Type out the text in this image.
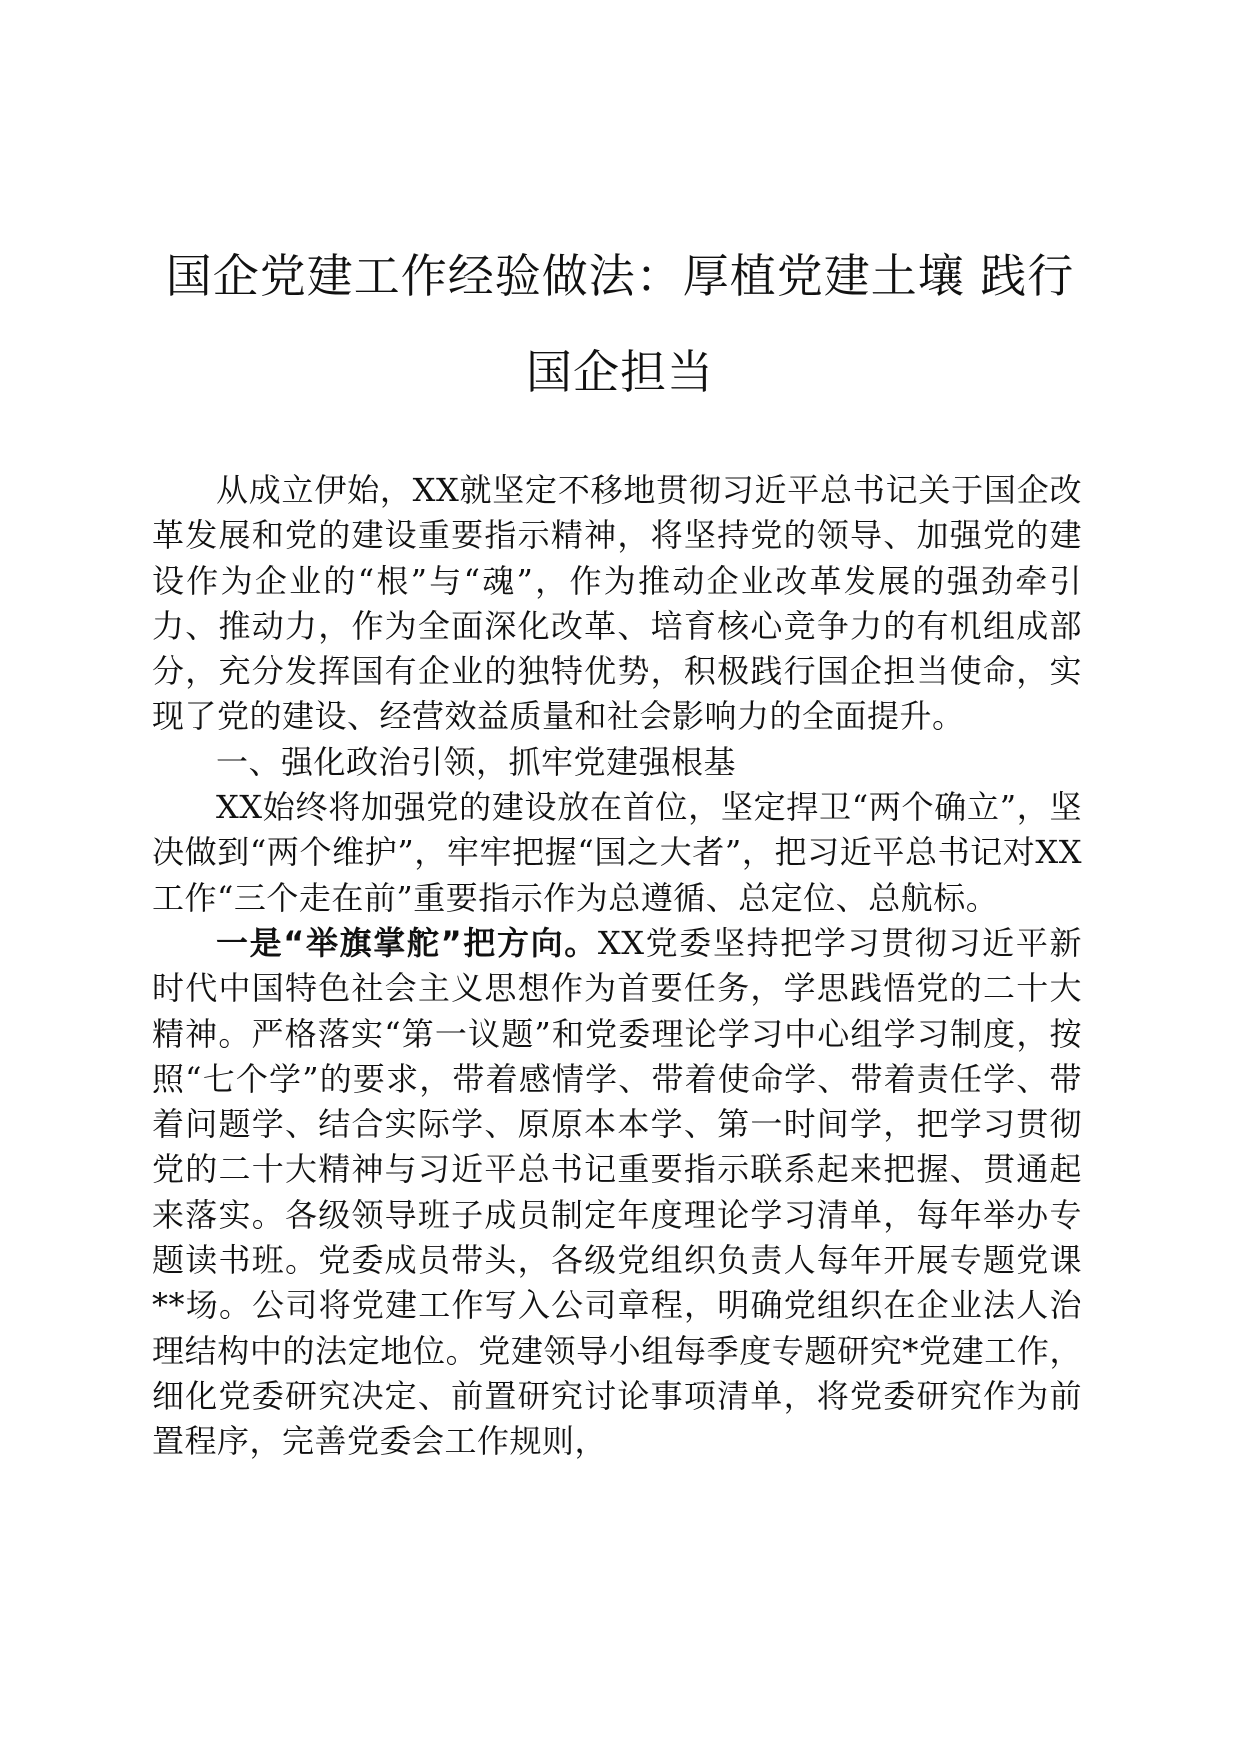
国企党建工作经验做法：厚植党建土壤 践行
国企担当

从成立伊始，XX就坚定不移地贯彻习近平总书记关于国企改革发展和党的建设重要指示精神，将坚持党的领导、加强党的建设作为企业的“根”与“魂”，作为推动企业改革发展的强劲牵引力、推动力，作为全面深化改革、培育核心竞争力的有机组成部分，充分发挥国有企业的独特优势，积极践行国企担当使命，实现了党的建设、经营效益质量和社会影响力的全面提升。

一、强化政治引领，抓牢党建强根基

XX始终将加强党的建设放在首位，坚定捍卫“两个确立”，坚决做到“两个维护”，牢牢把握“国之大者”，把习近平总书记对XX工作“三个走在前”重要指示作为总遵循、总定位、总航标。

一是“举旗掌舵”把方向。XX党委坚持把学习贯彻习近平新时代中国特色社会主义思想作为首要任务，学思践悟党的二十大精神。严格落实“第一议题”和党委理论学习中心组学习制度，按照“七个学”的要求，带着感情学、带着使命学、带着责任学、带着问题学、结合实际学、原原本本学、第一时间学，把学习贯彻党的二十大精神与习近平总书记重要指示联系起来把握、贯通起来落实。各级领导班子成员制定年度理论学习清单，每年举办专题读书班。党委成员带头，各级党组织负责人每年开展专题党课**场。公司将党建工作写入公司章程，明确党组织在企业法人治理结构中的法定地位。党建领导小组每季度专题研究*党建工作，细化党委研究决定、前置研究讨论事项清单，将党委研究作为前置程序，完善党委会工作规则，
